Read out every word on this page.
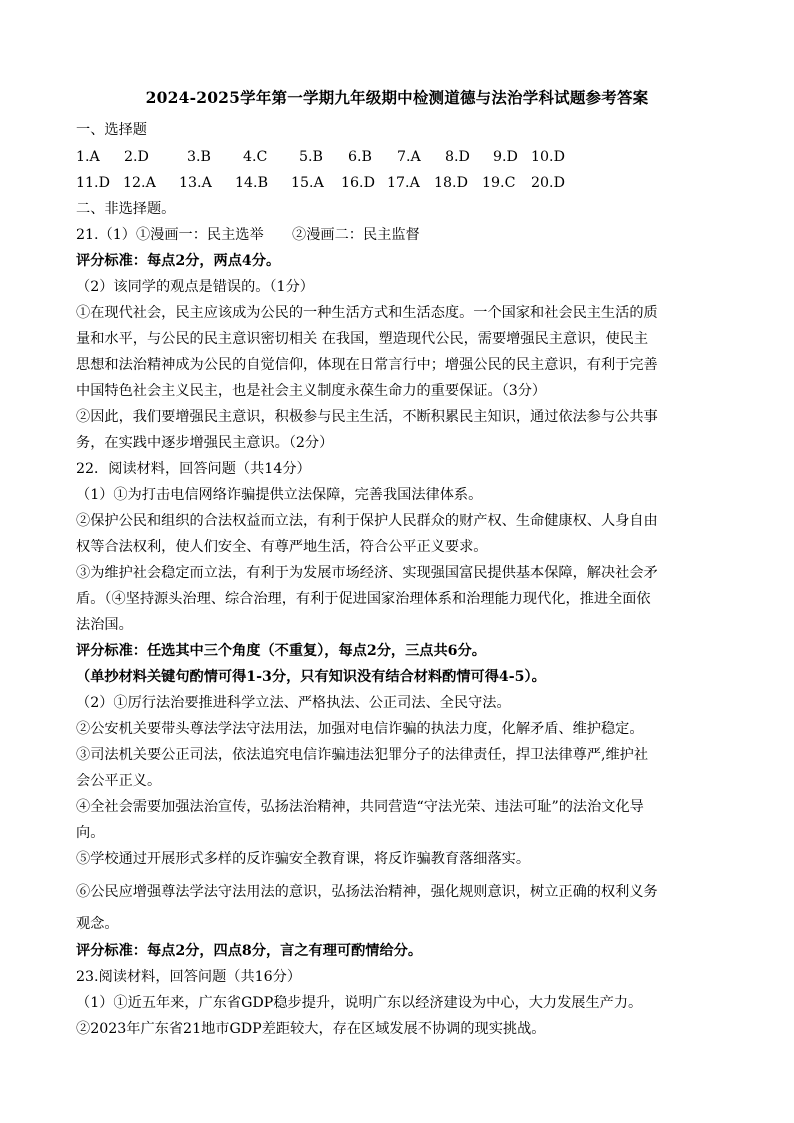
2024-2025学年第一学期九年级期中检测道德与法治学科试题参考答案
一、选择题
1.A 2.D	3.B 4.C 5.B 6.B 7.A 8.D 9.D 10.D
11.D 12.A 13.A 14.B 15.A 16.D 17.A 18.D 19.C 20.D
二、非选择题。
21.（1）①漫画一：民主选举　　②漫画二：民主监督
评分标准：每点2分，两点4分。
（2）该同学的观点是错误的。（1分）
①在现代社会，民主应该成为公民的一种生活方式和生活态度。一个国家和社会民主生活的质
量和水平，与公民的民主意识密切相关 在我国，塑造现代公民，需要增强民主意识，使民主
思想和法治精神成为公民的自觉信仰，体现在日常言行中；增强公民的民主意识，有利于完善
中国特色社会主义民主，也是社会主义制度永葆生命力的重要保证。（3分）
②因此，我们要增强民主意识，积极参与民主生活，不断积累民主知识，通过依法参与公共事
务，在实践中逐步增强民主意识。（2分）
22．阅读材料，回答问题（共14分）
（1）①为打击电信网络诈骗提供立法保障，完善我国法律体系。
②保护公民和组织的合法权益而立法，有利于保护人民群众的财产权、生命健康权、人身自由
权等合法权利，使人们安全、有尊严地生活，符合公平正义要求。
③为维护社会稳定而立法，有利于为发展市场经济、实现强国富民提供基本保障，解决社会矛
盾。（④坚持源头治理、综合治理，有利于促进国家治理体系和治理能力现代化，推进全面依
法治国。
评分标准：任选其中三个角度（不重复），每点2分，三点共6分。
（单抄材料关键句酌情可得1-3分，只有知识没有结合材料酌情可得4-5）。
（2）①厉行法治要推进科学立法、严格执法、公正司法、全民守法。
②公安机关要带头尊法学法守法用法，加强对电信诈骗的执法力度，化解矛盾、维护稳定。
③司法机关要公正司法，依法追究电信诈骗违法犯罪分子的法律责任，捍卫法律尊严,维护社
会公平正义。
④全社会需要加强法治宣传，弘扬法治精神，共同营造“守法光荣、违法可耻”的法治文化导
向。
⑤学校通过开展形式多样的反诈骗安全教育课，将反诈骗教育落细落实。
⑥公民应增强尊法学法守法用法的意识，弘扬法治精神，强化规则意识，树立正确的权利义务
观念。
评分标准：每点2分，四点8分，言之有理可酌情给分。
23.阅读材料，回答问题（共16分）
（1）①近五年来，广东省GDP稳步提升，说明广东以经济建设为中心，大力发展生产力。
②2023年广东省21地市GDP差距较大，存在区域发展不协调的现实挑战。
